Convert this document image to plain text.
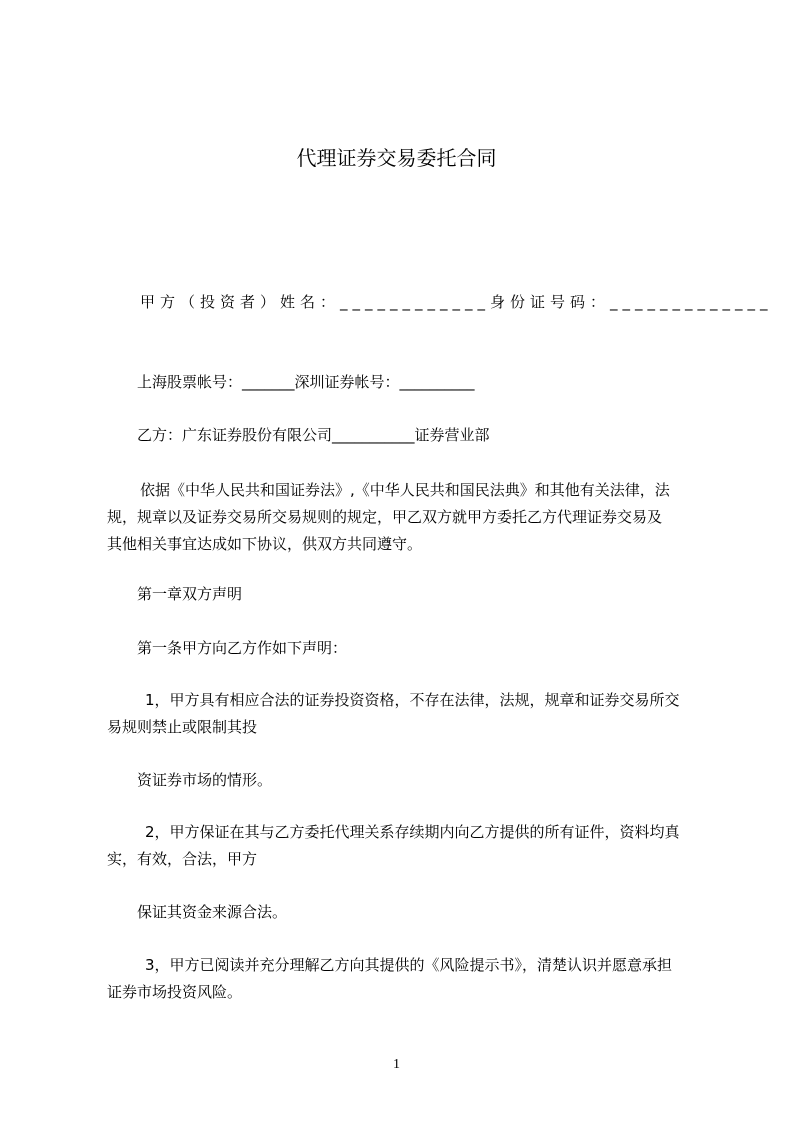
代理证券交易委托合同
甲方（投资者）姓名：____________身份证号码：_____________
上海股票帐号：_______深圳证券帐号：__________
乙方：广东证券股份有限公司___________证券营业部
依据《中华人民共和国证券法》,《中华人民共和国民法典》和其他有关法律，法
规，规章以及证券交易所交易规则的规定，甲乙双方就甲方委托乙方代理证券交易及
其他相关事宜达成如下协议，供双方共同遵守。
第一章双方声明
第一条甲方向乙方作如下声明：
1，甲方具有相应合法的证券投资资格，不存在法律，法规，规章和证券交易所交
易规则禁止或限制其投
资证券市场的情形。
2，甲方保证在其与乙方委托代理关系存续期内向乙方提供的所有证件，资料均真
实，有效，合法，甲方
保证其资金来源合法。
3，甲方已阅读并充分理解乙方向其提供的《风险提示书》，清楚认识并愿意承担
证券市场投资风险。
1
